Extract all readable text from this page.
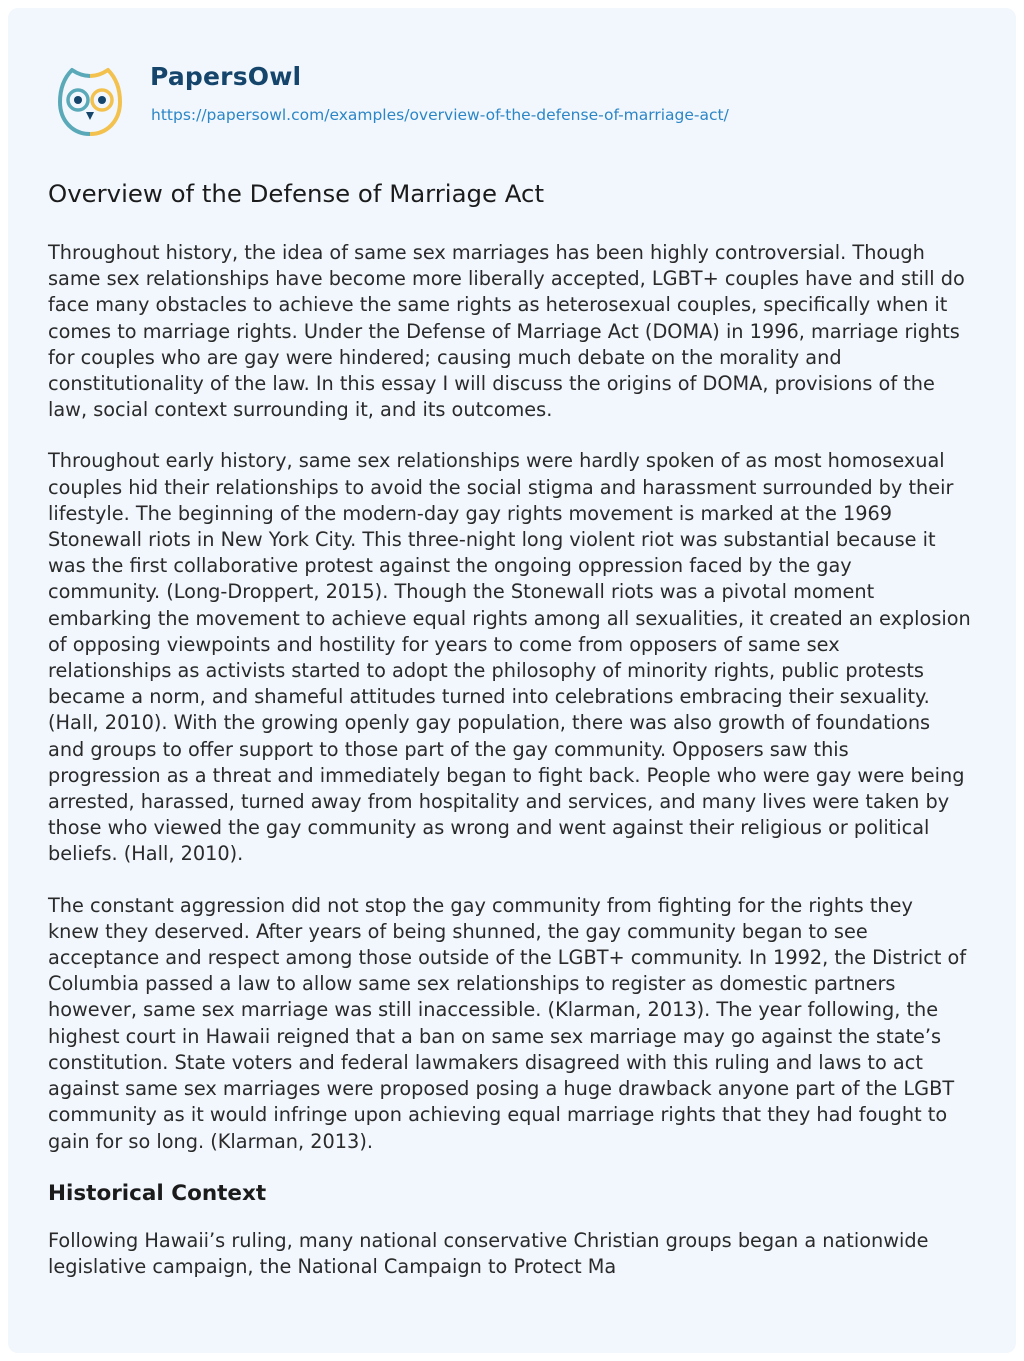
PapersOwl
https://papersowl.com/examples/overview-of-the-defense-of-marriage-act/
Overview of the Defense of Marriage Act

Throughout history, the idea of same sex marriages has been highly controversial. Though
same sex relationships have become more liberally accepted, LGBT+ couples have and still do
face many obstacles to achieve the same rights as heterosexual couples, specifically when it
comes to marriage rights. Under the Defense of Marriage Act (DOMA) in 1996, marriage rights
for couples who are gay were hindered; causing much debate on the morality and
constitutionality of the law. In this essay I will discuss the origins of DOMA, provisions of the
law, social context surrounding it, and its outcomes.

Throughout early history, same sex relationships were hardly spoken of as most homosexual
couples hid their relationships to avoid the social stigma and harassment surrounded by their
lifestyle. The beginning of the modern-day gay rights movement is marked at the 1969
Stonewall riots in New York City. This three-night long violent riot was substantial because it
was the first collaborative protest against the ongoing oppression faced by the gay
community. (Long-Droppert, 2015). Though the Stonewall riots was a pivotal moment
embarking the movement to achieve equal rights among all sexualities, it created an explosion
of opposing viewpoints and hostility for years to come from opposers of same sex
relationships as activists started to adopt the philosophy of minority rights, public protests
became a norm, and shameful attitudes turned into celebrations embracing their sexuality.
(Hall, 2010). With the growing openly gay population, there was also growth of foundations
and groups to offer support to those part of the gay community. Opposers saw this
progression as a threat and immediately began to fight back. People who were gay were being
arrested, harassed, turned away from hospitality and services, and many lives were taken by
those who viewed the gay community as wrong and went against their religious or political
beliefs. (Hall, 2010).

The constant aggression did not stop the gay community from fighting for the rights they
knew they deserved. After years of being shunned, the gay community began to see
acceptance and respect among those outside of the LGBT+ community. In 1992, the District of
Columbia passed a law to allow same sex relationships to register as domestic partners
however, same sex marriage was still inaccessible. (Klarman, 2013). The year following, the
highest court in Hawaii reigned that a ban on same sex marriage may go against the state’s
constitution. State voters and federal lawmakers disagreed with this ruling and laws to act
against same sex marriages were proposed posing a huge drawback anyone part of the LGBT
community as it would infringe upon achieving equal marriage rights that they had fought to
gain for so long. (Klarman, 2013).

Historical Context

Following Hawaii’s ruling, many national conservative Christian groups began a nationwide
legislative campaign, the National Campaign to Protect Ma
